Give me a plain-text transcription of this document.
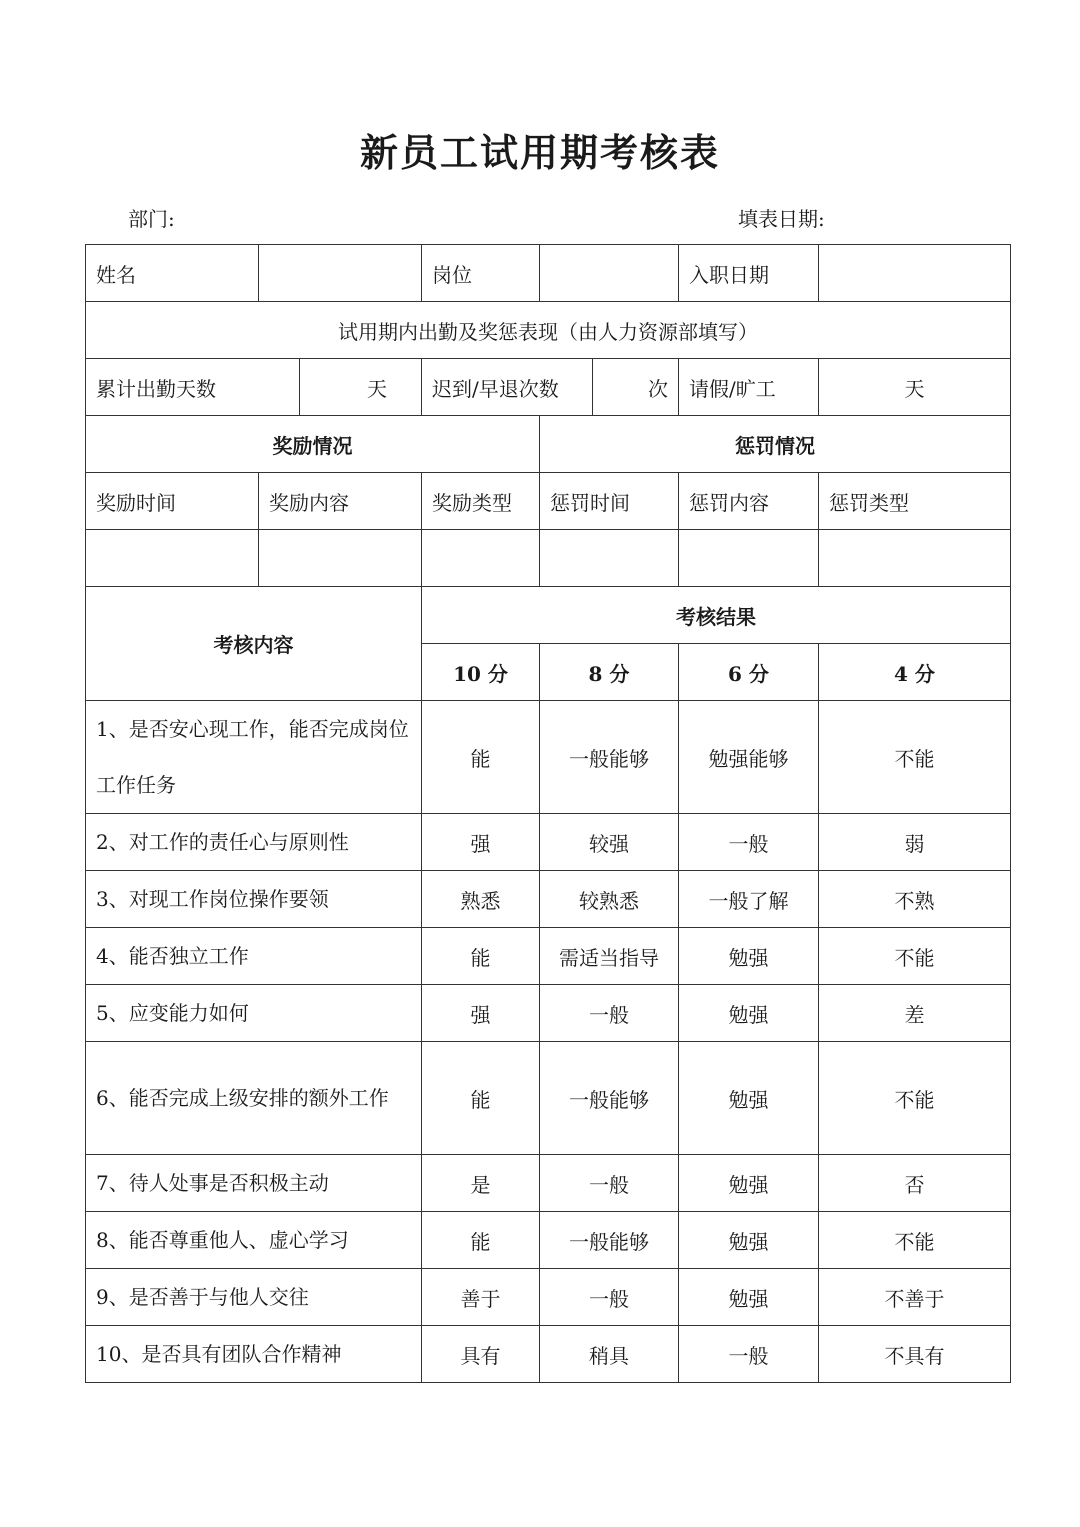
新员工试用期考核表
部门:	填表日期:
姓名			岗位			入职日期	
试用期内出勤及奖惩表现（由人力资源部填写）							
累计出勤天数		天	迟到/早退次数		次	请假/旷工	天
奖励情况				惩罚情况			
奖励时间	奖励内容		奖励类型	惩罚时间		惩罚内容	惩罚类型

考核内容			考核结果				
			10 分	8 分		6 分	4 分
1、是否安心现工作，能否完成岗位工作任务			能	一般能够		勉强能够	不能
2、对工作的责任心与原则性			强	较强		一般	弱
3、对现工作岗位操作要领			熟悉	较熟悉		一般了解	不熟
4、能否独立工作			能	需适当指导		勉强	不能
5、应变能力如何			强	一般		勉强	差
6、能否完成上级安排的额外工作			能	一般能够		勉强	不能
7、待人处事是否积极主动			是	一般		勉强	否
8、能否尊重他人、虚心学习			能	一般能够		勉强	不能
9、是否善于与他人交往			善于	一般		勉强	不善于
10、是否具有团队合作精神			具有	稍具		一般	不具有
